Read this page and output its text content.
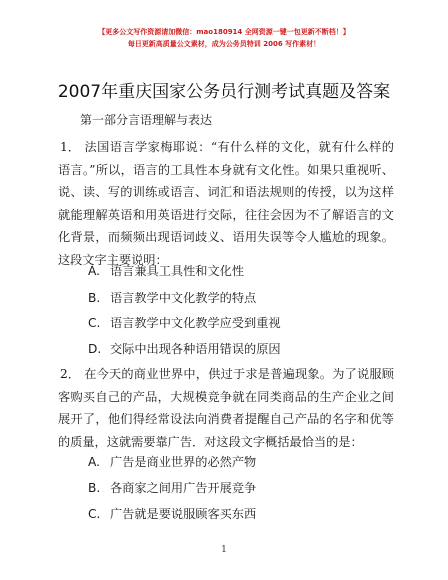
【更多公文写作资源请加微信：mao180914 全网资源一键一包更新不断档！】
每日更新高质量公文素材，成为公务员特训 2006 写作素材！
2007年重庆国家公务员行测考试真题及答案
第一部分言语理解与表达

1． 法国语言学家梅耶说：“有什么样的文化，就有什么样的语言。”所以，语言的工具性本身就有文化性。如果只重视听、说、读、写的训练或语言、词汇和语法规则的传授，以为这样就能理解英语和用英语进行交际，往往会因为不了解语言的文化背景，而频频出现语词歧义、语用失误等令人尴尬的现象。这段文字主要说明：

A. 语言兼具工具性和文化性
B. 语言教学中文化教学的特点
C. 语言教学中文化教学应受到重视
D. 交际中出现各种语用错误的原因

2． 在今天的商业世界中，供过于求是普遍现象。为了说服顾客购买自己的产品，大规模竞争就在同类商品的生产企业之间展开了，他们得经常设法向消费者提醒自己产品的名字和优等的质量，这就需要靠广告．对这段文字概括最恰当的是：

A. 广告是商业世界的必然产物
B. 各商家之间用广告开展竞争
C. 广告就是要说服顾客买东西
1
